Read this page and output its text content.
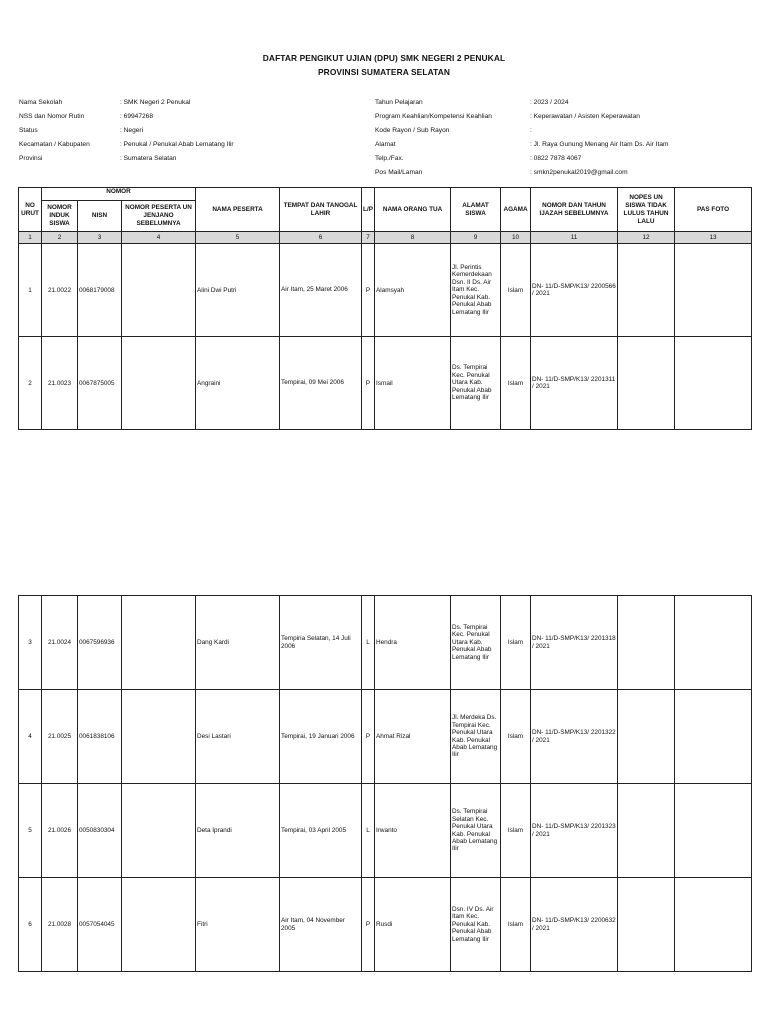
DAFTAR PENGIKUT UJIAN (DPU) SMK NEGERI 2 PENUKAL
PROVINSI SUMATERA SELATAN
Nama Sekolah	: SMK Negeri 2 Penukal
NSS dan Nomor Rutin	: 69947268
Status	: Negeri
Kecamatan / Kabupaten	: Penukal / Penukal Abab Lematang Ilir
Provinsi	: Sumatera Selatan
Tahun Pelajaran	: 2023 / 2024
Program Keahlian/Kompetensi Keahlian	: Keperawatan / Asisten Keperawatan
Kode Rayon / Sub Rayon	:
Alamat	: Jl. Raya Gunung Menang Air Itam Ds. Air Itam
Telp./Fax.	: 0822 7878 4067
Pos Mail/Laman	: smkn2penukal2019@gmail.com
NO URUT	NOMOR			NAMA PESERTA	TEMPAT DAN TANOGAL LAHIR	L/P	NAMA ORANG TUA	ALAMAT SISWA	AGAMA	NOMOR DAN TAHUN IJAZAH SEBELUMNYA	NOPES UN SISWA TIDAK LULUS TAHUN LALU	PAS FOTO
	NOMOR INDUK SISWA	NISN	NOMOR PESERTA UN JENJANO SEBELUMNYA									
1	2	3	4	5	6	7	8	9	10	11	12	13
1	21.0022	0068179008		Alini Dwi Putri	Air Itam, 25 Maret 2006	P	Alamsyah	Jl. Perintis Kemerdekaan Dsn. II Ds. Air Itam Kec. Penukal Kab. Penukal Abab Lematang Ilir	Islam	DN- 11/D-SMP/K13/ 2200566 / 2021		
2	21.0023	0067875005		Angraini	Tempirai, 09 Mei 2006	P	Ismail	Ds. Tempirai Kec. Penukal Utara Kab. Penukal Abab Lematang Ilir	Islam	DN- 11/D-SMP/K13/ 2201311 / 2021		
3	21.0024	0067596936		Dang Kardi	Tempiria Selatan, 14 Juli 2006	L	Hendra	Ds. Tempirai Kec. Penukal Utara Kab. Penukal Abab Lematang Ilir	Islam	DN- 11/D-SMP/K13/ 2201318 / 2021		
4	21.0025	0061838106		Desi Lastari	Tempirai, 19 Januari 2006	P	Ahmat Rizal	Jl. Merdeka Ds. Tempirai Kec. Penukal Utara Kab. Penukal Abab Lematang Ilir	Islam	DN- 11/D-SMP/K13/ 2201322 / 2021		
5	21.0026	0050830304		Deta Iprandi	Tempirai, 03 April 2005	L	Irwanto	Ds. Tempirai Selatan Kec. Penukal Utara Kab. Penukal Abab Lematang Ilir	Islam	DN- 11/D-SMP/K13/ 2201323 / 2021		
6	21.0028	0057054045		Fitri	Air Itam, 04 November 2005	P	Rusdi	Dsn. IV Ds. Air Itam Kec. Penukal Kab. Penukal Abab Lematang Ilir	Islam	DN- 11/D-SMP/K13/ 2200632 / 2021		
